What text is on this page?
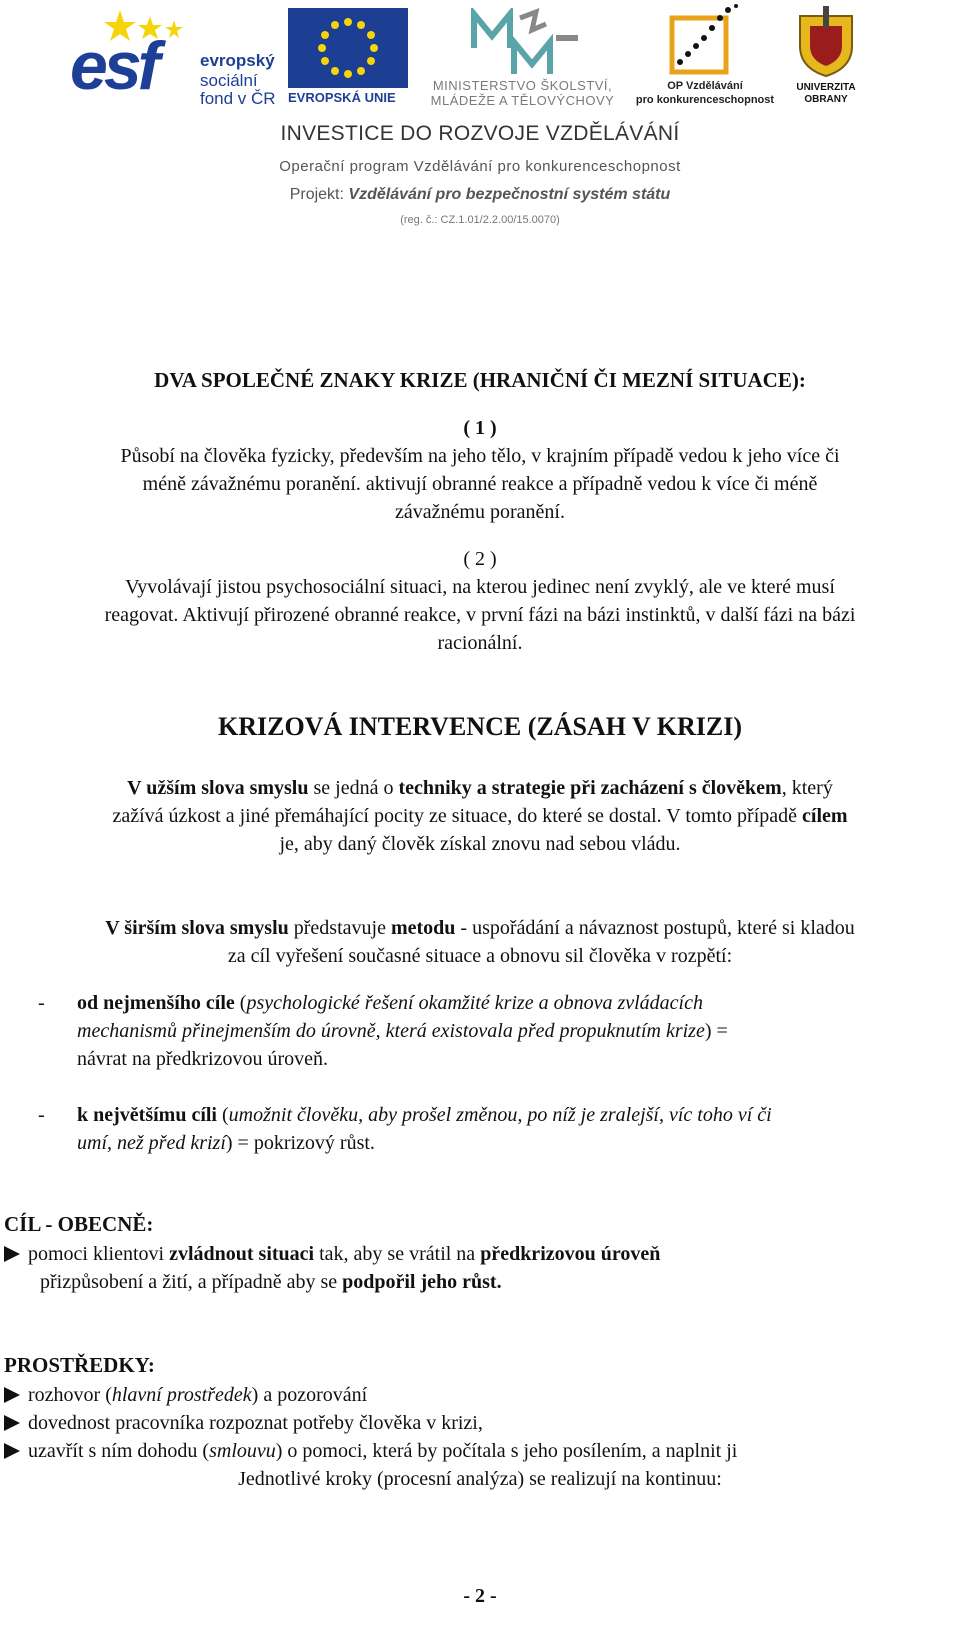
esf	evropský
sociální
fond v ČR EVROPSKÁ UNIE
MINISTERSTVO ŠKOLSTVÍ,
MLÁDEŽE A TĚLOVÝCHOVY
OP Vzdělávání
pro konkurenceschopnost
UNIVERZITA
OBRANY
INVESTICE DO ROZVOJE VZDĚLÁVÁNÍ
Operační program Vzdělávání pro konkurenceschopnost
Projekt: Vzdělávání pro bezpečnostní systém státu
(reg. č.: CZ.1.01/2.2.00/15.0070)
DVA SPOLEČNÉ ZNAKY KRIZE (HRANIČNÍ ČI MEZNÍ SITUACE):
( 1 )
Působí na člověka fyzicky, především na jeho tělo, v krajním případě vedou k jeho více či
méně závažnému poranění. aktivují obranné reakce a případně vedou k více či méně
závažnému poranění.
( 2 )
Vyvolávají jistou psychosociální situaci, na kterou jedinec není zvyklý, ale ve které musí
reagovat. Aktivují přirozené obranné reakce, v první fázi na bázi instinktů, v další fázi na bázi
racionální.
KRIZOVÁ INTERVENCE (ZÁSAH V KRIZI)
V užším slova smyslu se jedná o techniky a strategie při zacházení s člověkem, který
zažívá úzkost a jiné přemáhající pocity ze situace, do které se dostal. V tomto případě cílem
je, aby daný člověk získal znovu nad sebou vládu.
V širším slova smyslu představuje metodu - uspořádání a návaznost postupů, které si kladou
za cíl vyřešení současné situace a obnovu sil člověka v rozpětí:
- od nejmenšího cíle (psychologické řešení okamžité krize a obnova zvládacích
mechanismů přinejmenším do úrovně, která existovala před propuknutím krize) =
návrat na předkrizovou úroveň.
- k největšímu cíli (umožnit člověku, aby prošel změnou, po níž je zralejší, víc toho ví či
umí, než před krizí) = pokrizový růst.
CÍL - OBECNĚ:
pomoci klientovi zvládnout situaci tak, aby se vrátil na předkrizovou úroveň
přizpůsobení a žití, a případně aby se podpořil jeho růst.
PROSTŘEDKY:
rozhovor (hlavní prostředek) a pozorování
dovednost pracovníka rozpoznat potřeby člověka v krizi,
uzavřít s ním dohodu (smlouvu) o pomoci, která by počítala s jeho posílením, a naplnit ji
Jednotlivé kroky (procesní analýza) se realizují na kontinuu:
- 2 -
